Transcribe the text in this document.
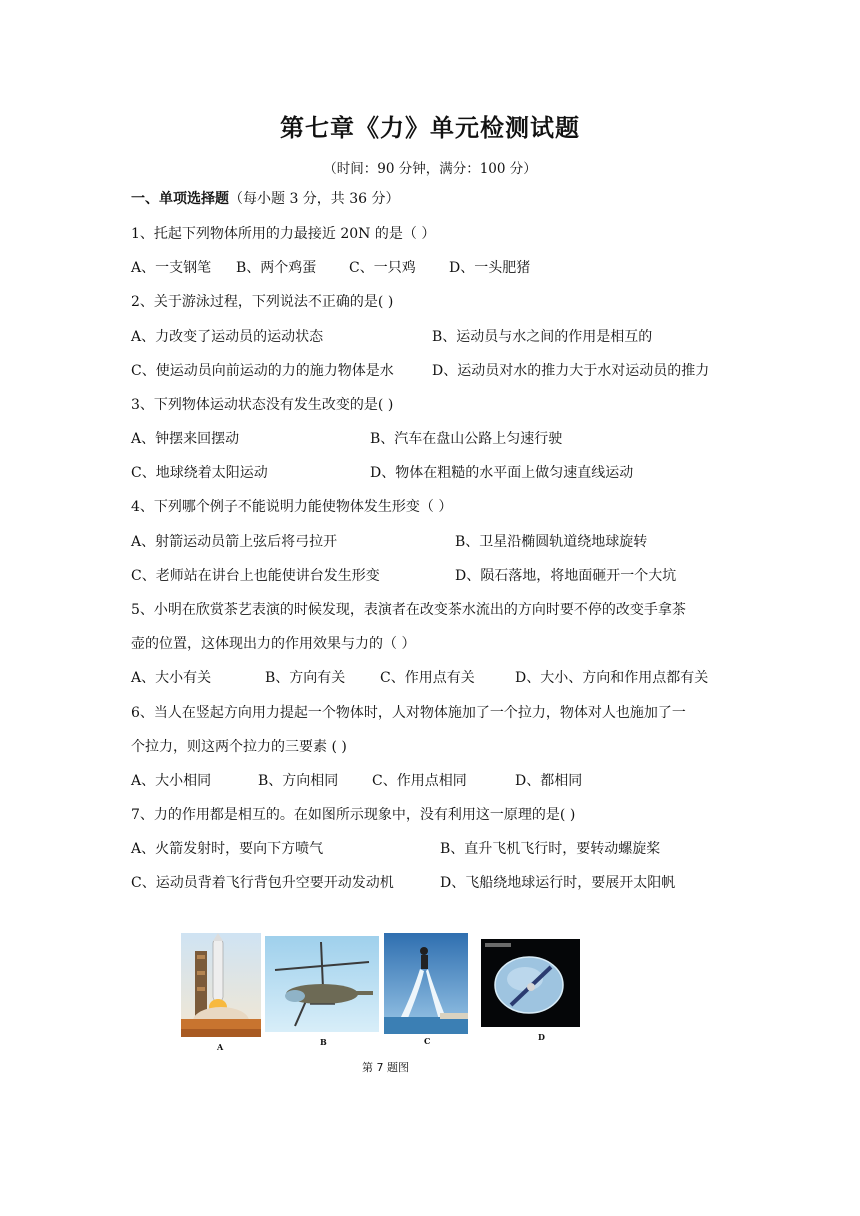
第七章《力》单元检测试题
（时间：90 分钟，满分：100 分）
一、单项选择题（每小题 3 分，共 36 分）
1、托起下列物体所用的力最接近 20N 的是（ ）
A、一支钢笔 B、两个鸡蛋 C、一只鸡 D、一头肥猪
2、关于游泳过程，下列说法不正确的是( )
A、力改变了运动员的运动状态	B、运动员与水之间的作用是相互的
C、使运动员向前运动的力的施力物体是水	D、运动员对水的推力大于水对运动员的推力
3、下列物体运动状态没有发生改变的是( )
A、钟摆来回摆动	B、汽车在盘山公路上匀速行驶
C、地球绕着太阳运动	D、物体在粗糙的水平面上做匀速直线运动
4、下列哪个例子不能说明力能使物体发生形变（ ）
A、射箭运动员箭上弦后将弓拉开	B、卫星沿椭圆轨道绕地球旋转
C、老师站在讲台上也能使讲台发生形变	D、陨石落地，将地面砸开一个大坑
5、小明在欣赏茶艺表演的时候发现，表演者在改变茶水流出的方向时要不停的改变手拿茶
壶的位置，这体现出力的作用效果与力的（ ）
A、大小有关	B、方向有关 C、作用点有关	D、大小、方向和作用点都有关
6、当人在竖起方向用力提起一个物体时，人对物体施加了一个拉力，物体对人也施加了一
个拉力，则这两个拉力的三要素 ( )
A、大小相同	B、方向相同 C、作用点相同	D、都相同
7、力的作用都是相互的。在如图所示现象中，没有利用这一原理的是( )
A、火箭发射时，要向下方喷气	B、直升飞机飞行时，要转动螺旋桨
C、运动员背着飞行背包升空要开动发动机	D、飞船绕地球运行时，要展开太阳帆
A	B	C	D
第 7 题图
